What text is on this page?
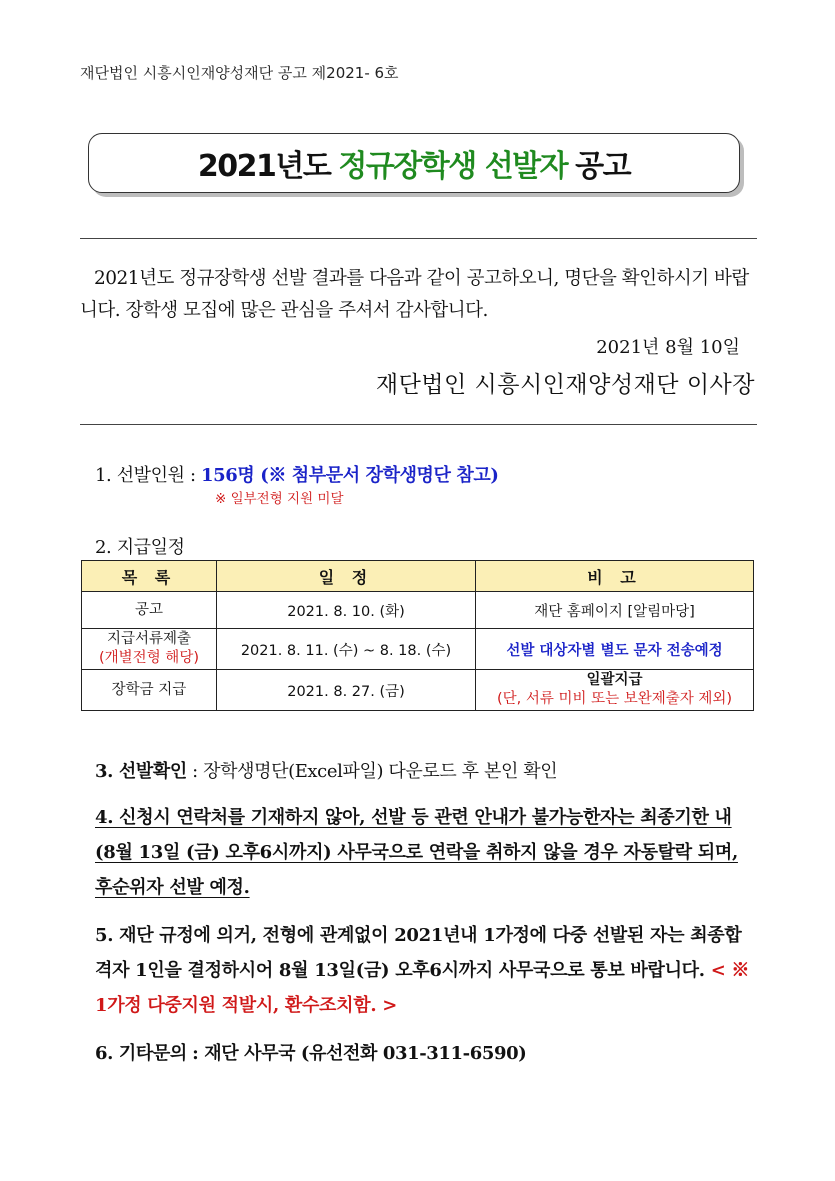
재단법인 시흥시인재양성재단 공고 제2021- 6호
2021년도 정규장학생 선발자 공고
2021년도 정규장학생 선발 결과를 다음과 같이 공고하오니, 명단을 확인하시기 바랍니다. 장학생 모집에 많은 관심을 주셔서 감사합니다.
2021년 8월 10일
재단법인 시흥시인재양성재단 이사장
1. 선발인원 : 156명 (※ 첨부문서 장학생명단 참고)
※ 일부전형 지원 미달
2. 지급일정
목 록	일 정	비 고

공고	2021. 8. 10. (화)	재단 홈페이지 [알림마당]

지급서류제출
(개별전형 해당)	2021. 8. 11. (수) ~ 8. 18. (수)	선발 대상자별 별도 문자 전송예정

장학금 지급	2021. 8. 27. (금)	일괄지급
(단, 서류 미비 또는 보완제출자 제외)
3. 선발확인 : 장학생명단(Excel파일) 다운로드 후 본인 확인
4. 신청시 연락처를 기재하지 않아, 선발 등 관련 안내가 불가능한자는 최종기한 내 (8월 13일 (금) 오후6시까지) 사무국으로 연락을 취하지 않을 경우 자동탈락 되며, 후순위자 선발 예정.
5. 재단 규정에 의거, 전형에 관계없이 2021년내 1가정에 다중 선발된 자는 최종합격자 1인을 결정하시어 8월 13일(금) 오후6시까지 사무국으로 통보 바랍니다. < ※ 1가정 다중지원 적발시, 환수조치함. >
6. 기타문의 : 재단 사무국 (유선전화 031-311-6590)
